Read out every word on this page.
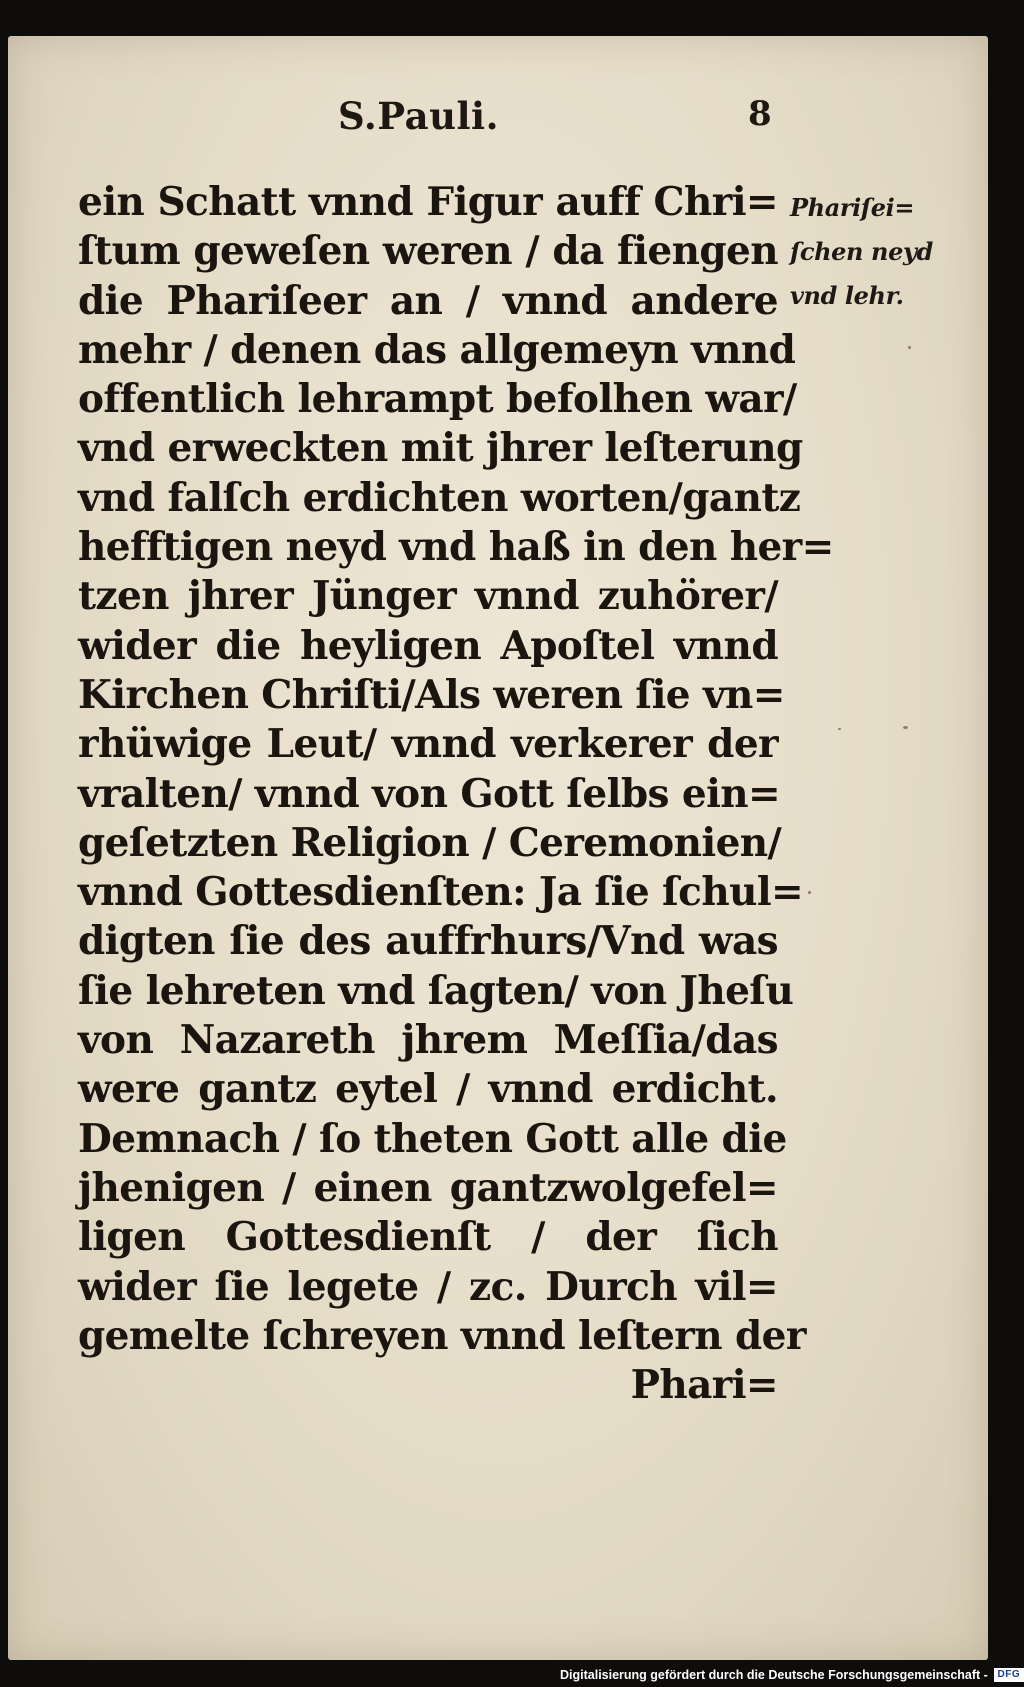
S.Pauli.	8
ein Schatt vnnd Figur auff Chri=
ſtum geweſen weren / da fiengen
die Phariſeer an / vnnd andere
mehr / denen das allgemeyn vnnd
offentlich lehrampt befolhen war/
vnd erweckten mit jhrer leſterung
vnd falſch erdichten worten/gantz
hefftigen neyd vnd haß in den her=
tzen jhrer Jünger vnnd zuhörer/
wider die heyligen Apoſtel vnnd
Kirchen Chriſti/Als weren ſie vn=
rhüwige Leut/ vnnd verkerer der
vralten/ vnnd von Gott ſelbs ein=
geſetzten Religion / Ceremonien/
vnnd Gottesdienſten: Ja ſie ſchul=
digten ſie des auffrhurs/Vnd was
ſie lehreten vnd ſagten/ von Jheſu
von Nazareth jhrem Meſſia/das
were gantz eytel / vnnd erdicht.
Demnach / ſo theten Gott alle die
jhenigen / einen gantzwolgefel=
ligen Gottesdienſt / der ſich
wider ſie legete / zc. Durch vil=
gemelte ſchreyen vnnd leſtern der
Phari=
Phariſei=
ſchen neyd
vnd lehr.
Digitalisierung gefördert durch die Deutsche Forschungsgemeinschaft - DFG
